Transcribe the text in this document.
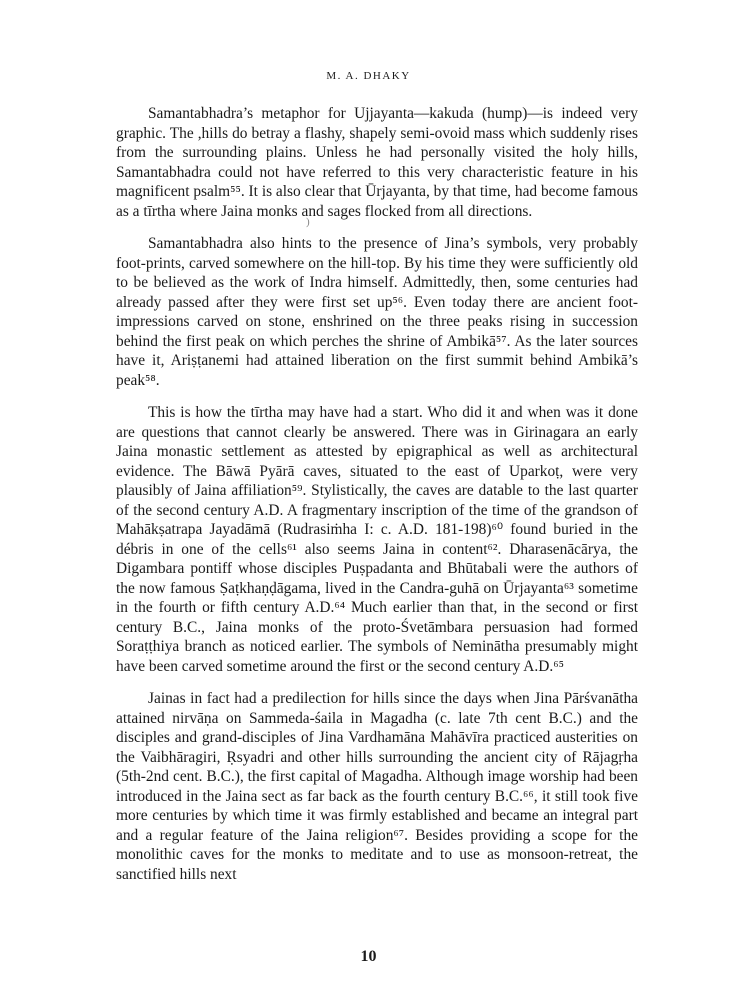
M. A. DHAKY

Samantabhadra’s metaphor for Ujjayanta—kakuda (hump)—is indeed very graphic. The ,hills do betray a flashy, shapely semi-ovoid mass which suddenly rises from the surrounding plains. Unless he had personally visited the holy hills, Samantabhadra could not have referred to this very characteristic feature in his magnificent psalm⁵⁵. It is also clear that Ūrjayanta, by that time, had become famous as a tīrtha where Jaina monks and sages flocked from all directions.

Samantabhadra also hints to the presence of Jina’s symbols, very probably foot-prints, carved somewhere on the hill-top. By his time they were sufficiently old to be believed as the work of Indra himself. Admittedly, then, some centuries had already passed after they were first set up⁵⁶. Even today there are ancient foot-impressions carved on stone, enshrined on the three peaks rising in succession behind the first peak on which perches the shrine of Ambikā⁵⁷. As the later sources have it, Ariṣṭanemi had attained liberation on the first summit behind Ambikā’s peak⁵⁸.

This is how the tīrtha may have had a start. Who did it and when was it done are questions that cannot clearly be answered. There was in Girinagara an early Jaina monastic settlement as attested by epigraphical as well as architectural evidence. The Bāwā Pyārā caves, situated to the east of Uparkoṭ, were very plausibly of Jaina affiliation⁵⁹. Stylistically, the caves are datable to the last quarter of the second century A.D. A fragmentary inscription of the time of the grandson of Mahākṣatrapa Jayadāmā (Rudrasiṁha I: c. A.D. 181-198)⁶⁰ found buried in the débris in one of the cells⁶¹ also seems Jaina in content⁶². Dharasenācārya, the Digambara pontiff whose disciples Puṣpadanta and Bhūtabali were the authors of the now famous Ṣaṭkhaṇḍāgama, lived in the Candra-guhā on Ūrjayanta⁶³ sometime in the fourth or fifth century A.D.⁶⁴ Much earlier than that, in the second or first century B.C., Jaina monks of the proto-Śvetāmbara persuasion had formed Soraṭṭhiya branch as noticed earlier. The symbols of Neminātha presumably might have been carved sometime around the first or the second century A.D.⁶⁵

Jainas in fact had a predilection for hills since the days when Jina Pārśvanātha attained nirvāṇa on Sammeda-śaila in Magadha (c. late 7th cent B.C.) and the disciples and grand-disciples of Jina Vardhamāna Mahāvīra practiced austerities on the Vaibhāragiri, Ṛsyadri and other hills surrounding the ancient city of Rājagṛha (5th-2nd cent. B.C.), the first capital of Magadha. Although image worship had been introduced in the Jaina sect as far back as the fourth century B.C.⁶⁶, it still took five more centuries by which time it was firmly established and became an integral part and a regular feature of the Jaina religion⁶⁷. Besides providing a scope for the monolithic caves for the monks to meditate and to use as monsoon-retreat, the sanctified hills next

)
10
